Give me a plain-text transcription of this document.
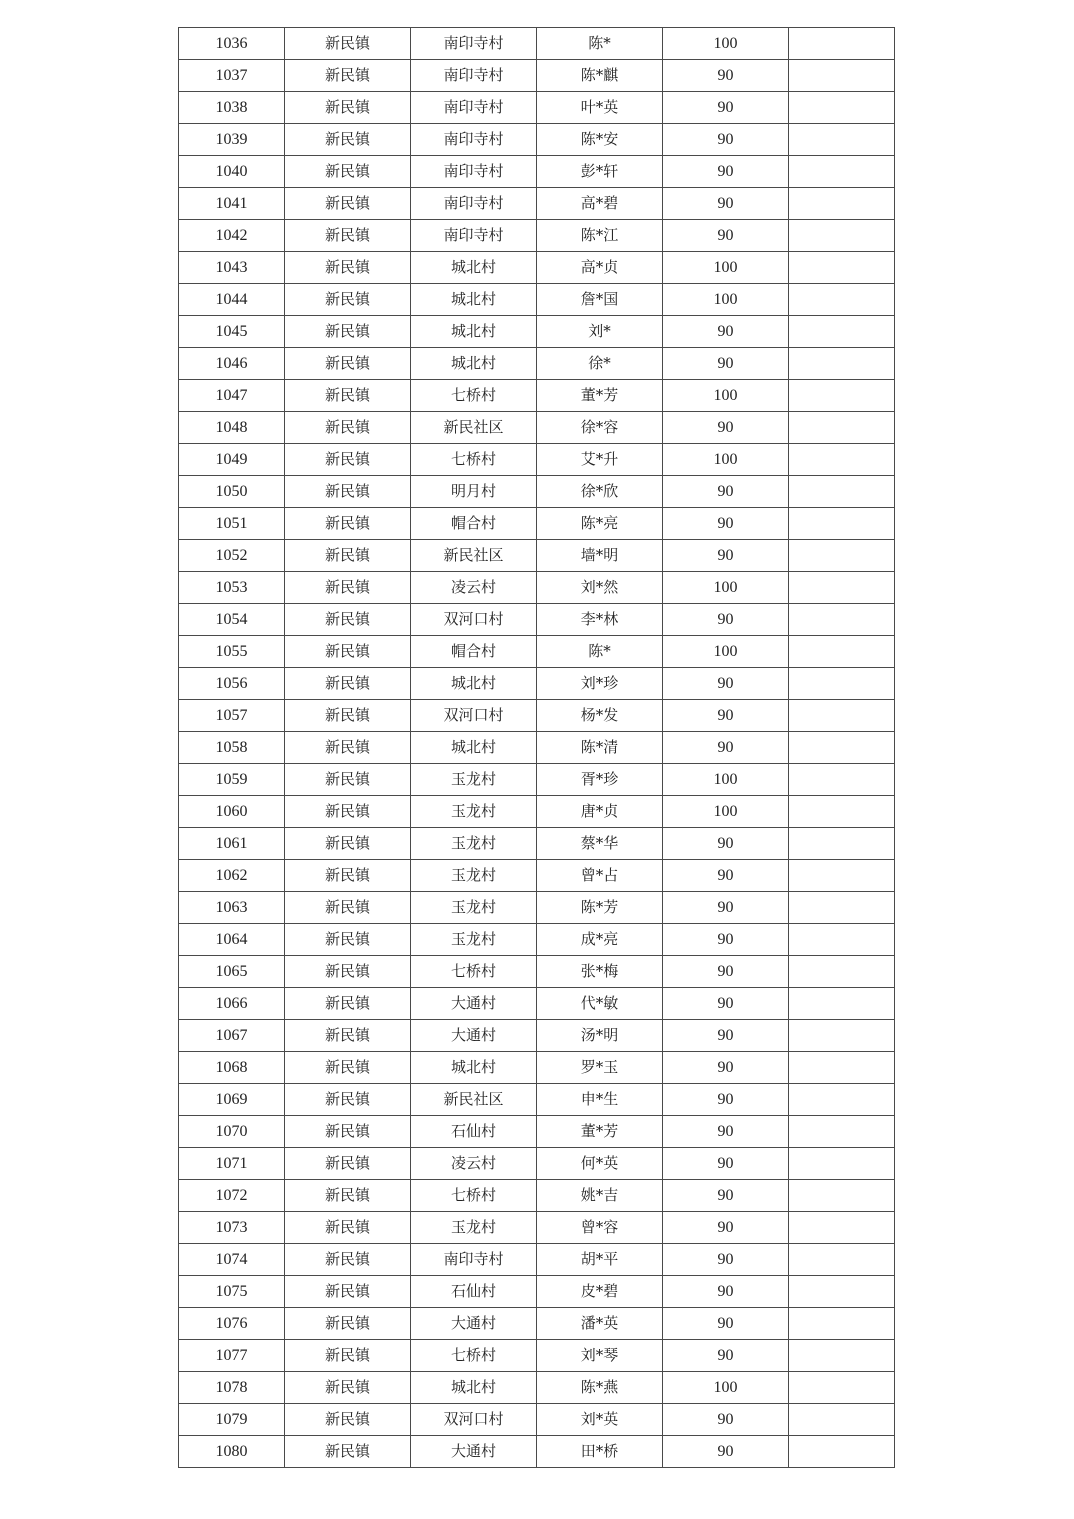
1036	新民镇	南印寺村	陈*	100	
1037	新民镇	南印寺村	陈*麒	90	
1038	新民镇	南印寺村	叶*英	90	
1039	新民镇	南印寺村	陈*安	90	
1040	新民镇	南印寺村	彭*轩	90	
1041	新民镇	南印寺村	高*碧	90	
1042	新民镇	南印寺村	陈*江	90	
1043	新民镇	城北村	高*贞	100	
1044	新民镇	城北村	詹*国	100	
1045	新民镇	城北村	刘*	90	
1046	新民镇	城北村	徐*	90	
1047	新民镇	七桥村	董*芳	100	
1048	新民镇	新民社区	徐*容	90	
1049	新民镇	七桥村	艾*升	100	
1050	新民镇	明月村	徐*欣	90	
1051	新民镇	帽合村	陈*亮	90	
1052	新民镇	新民社区	墙*明	90	
1053	新民镇	凌云村	刘*然	100	
1054	新民镇	双河口村	李*林	90	
1055	新民镇	帽合村	陈*	100	
1056	新民镇	城北村	刘*珍	90	
1057	新民镇	双河口村	杨*发	90	
1058	新民镇	城北村	陈*清	90	
1059	新民镇	玉龙村	胥*珍	100	
1060	新民镇	玉龙村	唐*贞	100	
1061	新民镇	玉龙村	蔡*华	90	
1062	新民镇	玉龙村	曾*占	90	
1063	新民镇	玉龙村	陈*芳	90	
1064	新民镇	玉龙村	成*亮	90	
1065	新民镇	七桥村	张*梅	90	
1066	新民镇	大通村	代*敏	90	
1067	新民镇	大通村	汤*明	90	
1068	新民镇	城北村	罗*玉	90	
1069	新民镇	新民社区	申*生	90	
1070	新民镇	石仙村	董*芳	90	
1071	新民镇	凌云村	何*英	90	
1072	新民镇	七桥村	姚*吉	90	
1073	新民镇	玉龙村	曾*容	90	
1074	新民镇	南印寺村	胡*平	90	
1075	新民镇	石仙村	皮*碧	90	
1076	新民镇	大通村	潘*英	90	
1077	新民镇	七桥村	刘*琴	90	
1078	新民镇	城北村	陈*燕	100	
1079	新民镇	双河口村	刘*英	90	
1080	新民镇	大通村	田*桥	90	
